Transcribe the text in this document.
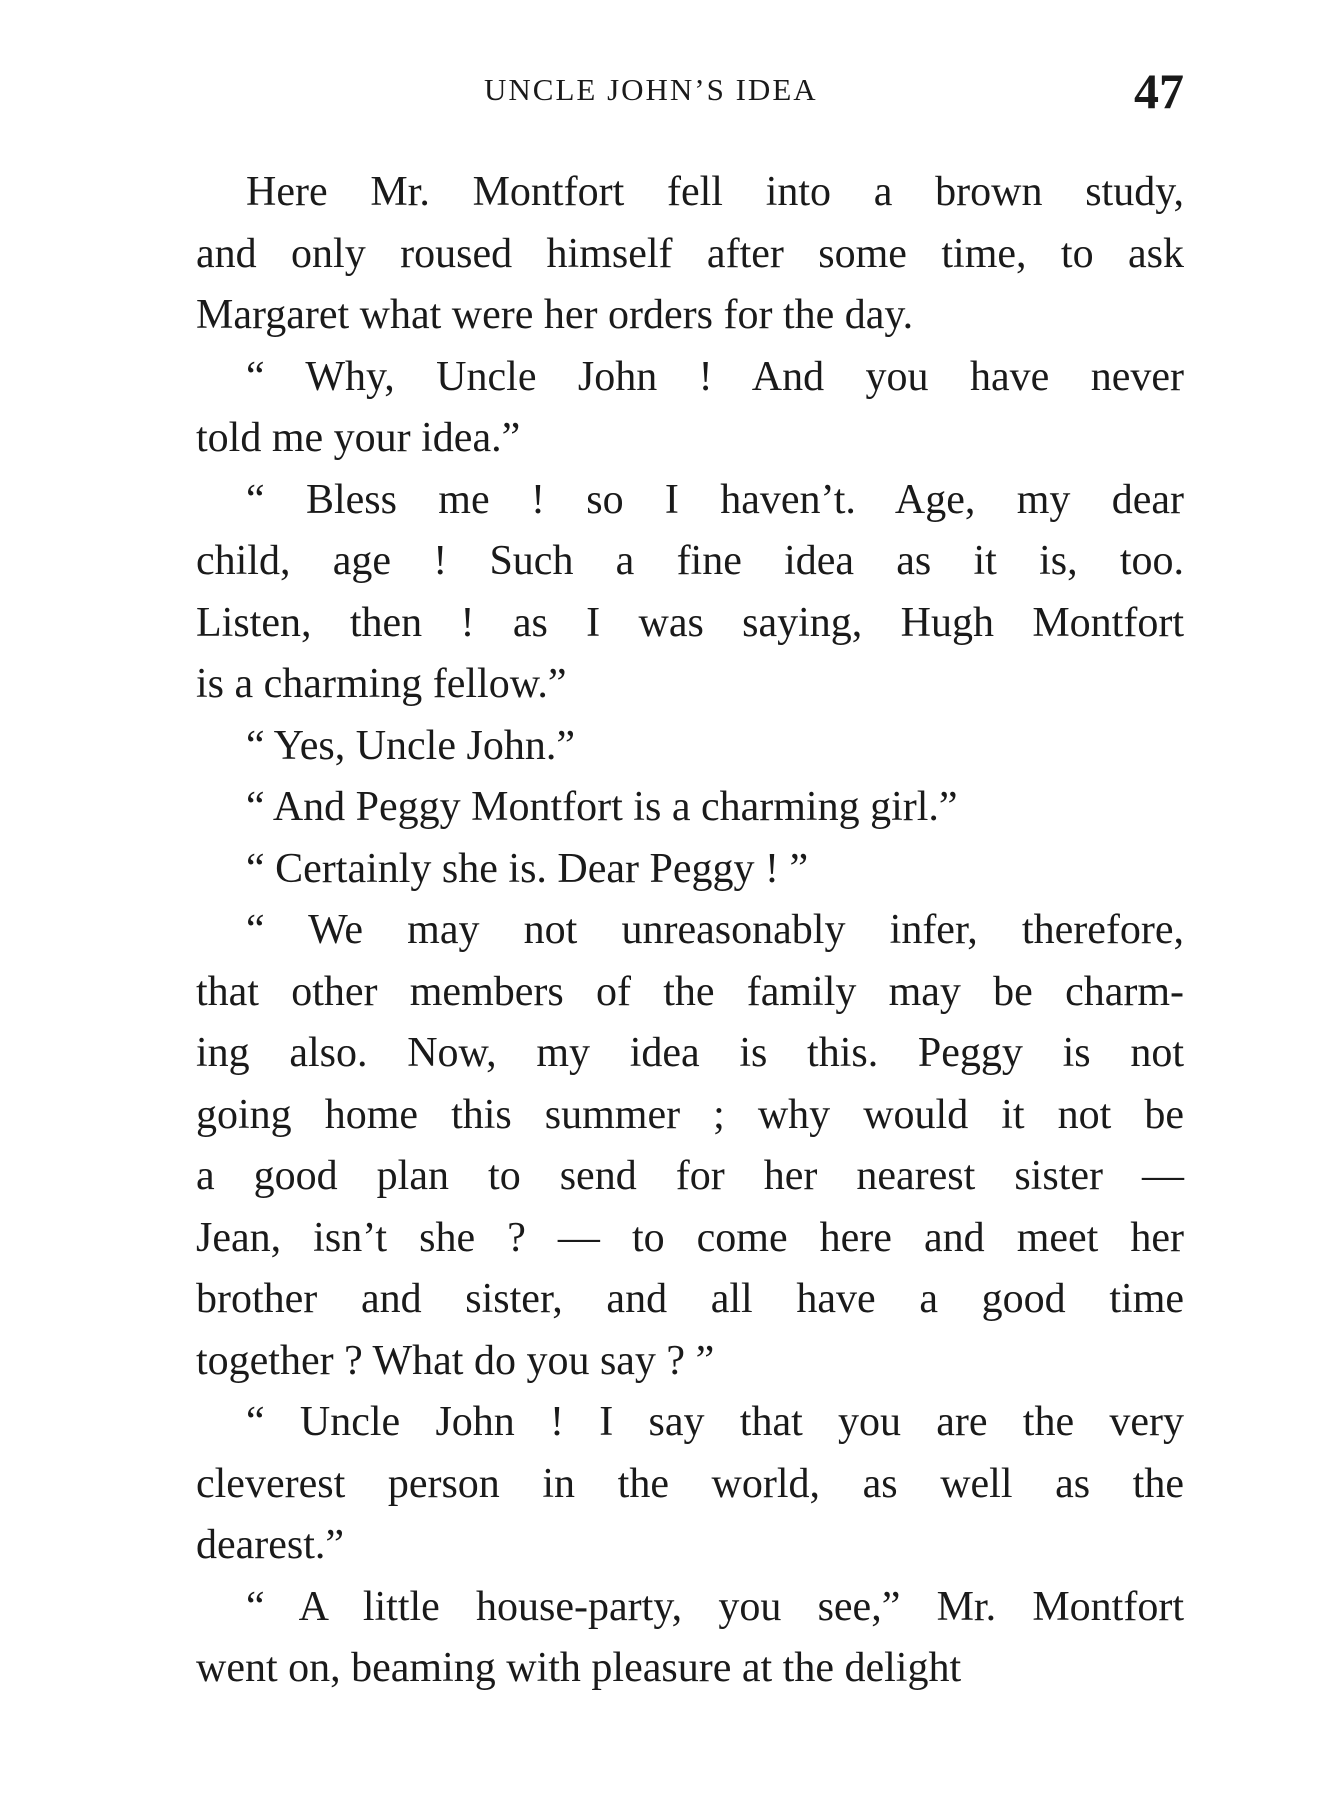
UNCLE JOHN’S IDEA	47
Here Mr. Montfort fell into a brown study,
and only roused himself after some time, to ask
Margaret what were her orders for the day.
“ Why, Uncle John ! And you have never
told me your idea.”
“ Bless me ! so I haven’t. Age, my dear
child, age ! Such a fine idea as it is, too.
Listen, then ! as I was saying, Hugh Montfort
is a charming fellow.”
“ Yes, Uncle John.”
“ And Peggy Montfort is a charming girl.”
“ Certainly she is. Dear Peggy ! ”
“ We may not unreasonably infer, therefore,
that other members of the family may be charm-
ing also. Now, my idea is this. Peggy is not
going home this summer ; why would it not be
a good plan to send for her nearest sister —
Jean, isn’t she ? — to come here and meet her
brother and sister, and all have a good time
together ? What do you say ? ”
“ Uncle John ! I say that you are the very
cleverest person in the world, as well as the
dearest.”
“ A little house-party, you see,” Mr. Montfort
went on, beaming with pleasure at the delight
